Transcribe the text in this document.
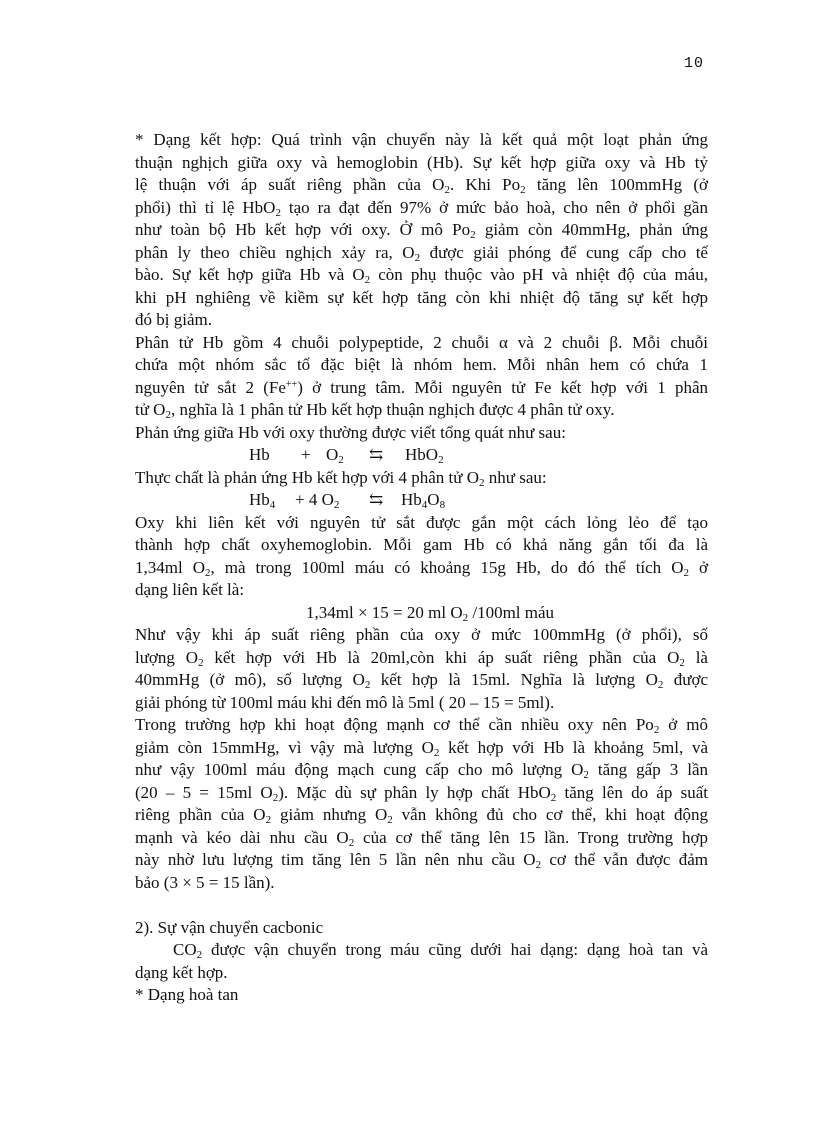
10

* Dạng kết hợp: Quá trình vận chuyển này là kết quả một loạt phản ứng

thuận nghịch giữa oxy và hemoglobin (Hb). Sự kết hợp giữa oxy và Hb tỷ

lệ thuận với áp suất riêng phần của $O_2$. Khi $Po_2$ tăng lên 100mmHg (ở

phổi) thì tỉ lệ HbO$_2$ tạo ra đạt đến 97% ở mức bảo hoà, cho nên ở phổi gần

như toàn bộ Hb kết hợp với oxy. Ở mô $Po_2$ giảm còn 40mmHg, phản ứng

phân ly theo chiều nghịch xảy ra, $O_2$ được giải phóng để cung cấp cho tế

bào. Sự kết hợp giữa Hb và $O_2$ còn phụ thuộc vào pH và nhiệt độ của máu,

khi pH nghiêng về kiềm sự kết hợp tăng còn khi nhiệt độ tăng sự kết hợp

đó bị giảm.

Phân tử Hb gồm 4 chuỗi polypeptide, 2 chuỗi α và 2 chuỗi β. Mỗi chuỗi

chứa một nhóm sắc tố đặc biệt là nhóm hem. Mỗi nhân hem có chứa 1

nguyên tử sắt 2 (Fe++) ở trung tâm. Mỗi nguyên tử Fe kết hợp với 1 phân

tử $O_2$, nghĩa là 1 phân tử Hb kết hợp thuận nghịch được 4 phân tử oxy.

Phản ứng giữa Hb với oxy thường được viết tổng quát như sau:

$Hb + O_2$ ⇆ HbO$_2$

Thực chất là phản ứng Hb kết hợp với 4 phân tử $O_2$ như sau:

$Hb_4 + 4$ $O_2$ ⇆ $Hb_4O_8$

Oxy khi liên kết với nguyên tử sắt được gắn một cách lỏng lẻo để tạo

thành hợp chất oxyhemoglobin. Mỗi gam Hb có khả năng gắn tối đa là

1,34ml $O_2$, mà trong 100ml máu có khoảng 15g Hb, do đó thể tích $O_2$ ở

dạng liên kết là:

1,34ml × 15 = 20 ml $O_2$ /100ml máu

Như vậy khi áp suất riêng phần của oxy ở mức 100mmHg (ở phổi), số

lượng $O_2$ kết hợp với Hb là 20ml,còn khi áp suất riêng phần của $O_2$ là

40mmHg (ở mô), số lượng $O_2$ kết hợp là 15ml. Nghĩa là lượng $O_2$ được

giải phóng từ 100ml máu khi đến mô là 5ml ( 20 – 15 = 5ml).

Trong trường hợp khi hoạt động mạnh cơ thể cần nhiều oxy nên $Po_2$ ở mô

giảm còn 15mmHg, vì vậy mà lượng $O_2$ kết hợp với Hb là khoảng 5ml, và

như vậy 100ml máu động mạch cung cấp cho mô lượng $O_2$ tăng gấp 3 lần

(20 – 5 = 15ml $O_2$). Mặc dù sự phân ly hợp chất HbO$_2$ tăng lên do áp suất

riêng phần của $O_2$ giảm nhưng $O_2$ vẫn không đủ cho cơ thể, khi hoạt động

mạnh và kéo dài nhu cầu $O_2$ của cơ thể tăng lên 15 lần. Trong trường hợp

này nhờ lưu lượng tim tăng lên 5 lần nên nhu cầu $O_2$ cơ thể vẫn được đảm

bảo (3 × 5 = 15 lần).

2). Sự vận chuyển cacbonic

$CO_2$ được vận chuyển trong máu cũng dưới hai dạng: dạng hoà tan và

dạng kết hợp.

* Dạng hoà tan
